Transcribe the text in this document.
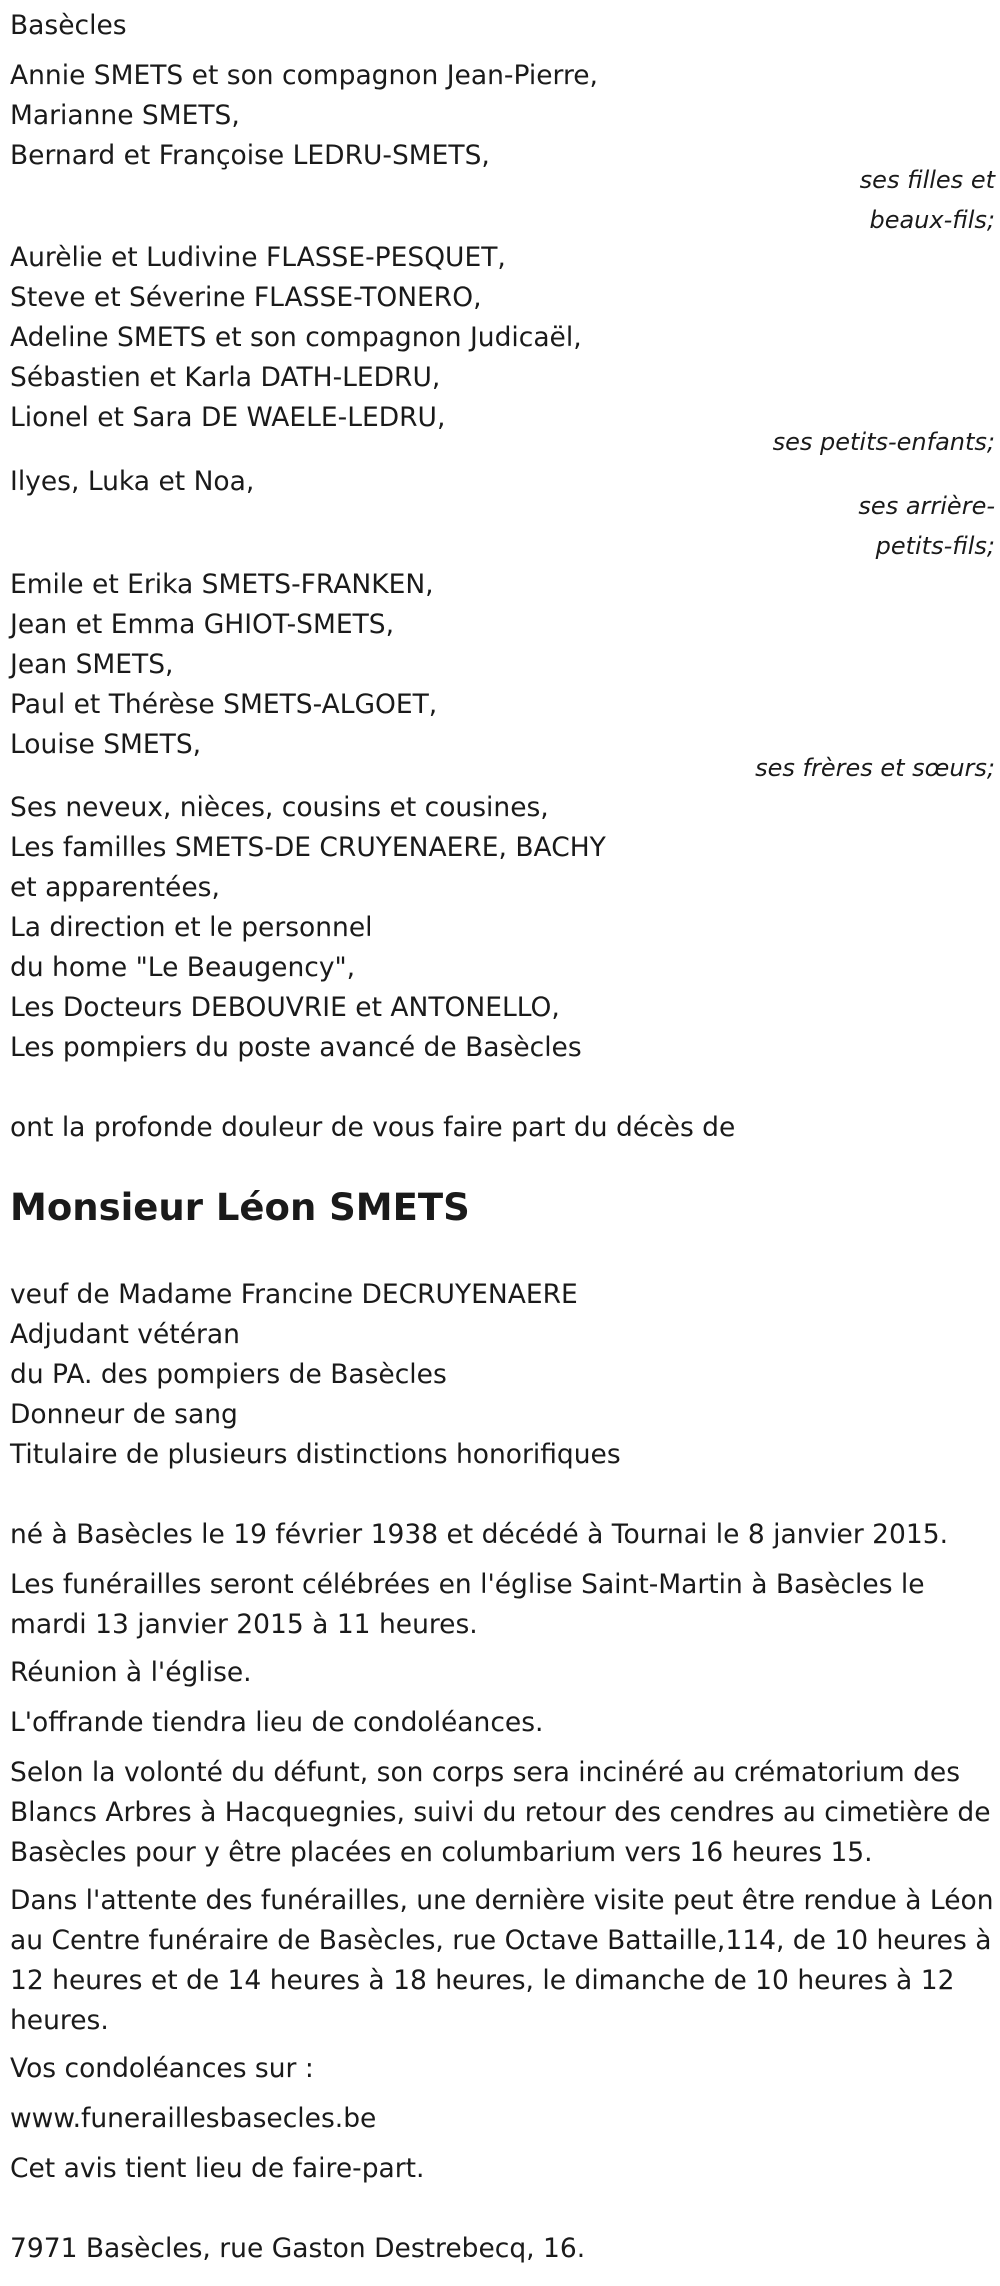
Basècles
Annie SMETS et son compagnon Jean-Pierre,
Marianne SMETS,
Bernard et Françoise LEDRU-SMETS,
ses filles et
beaux-fils;
Aurèlie et Ludivine FLASSE-PESQUET,
Steve et Séverine FLASSE-TONERO,
Adeline SMETS et son compagnon Judicaël,
Sébastien et Karla DATH-LEDRU,
Lionel et Sara DE WAELE-LEDRU,
ses petits-enfants;
Ilyes, Luka et Noa,
ses arrière-
petits-fils;
Emile et Erika SMETS-FRANKEN,
Jean et Emma GHIOT-SMETS,
Jean SMETS,
Paul et Thérèse SMETS-ALGOET,
Louise SMETS,
ses frères et sœurs;
Ses neveux, nièces, cousins et cousines,
Les familles SMETS-DE CRUYENAERE, BACHY
et apparentées,
La direction et le personnel
du home "Le Beaugency",
Les Docteurs DEBOUVRIE et ANTONELLO,
Les pompiers du poste avancé de Basècles
ont la profonde douleur de vous faire part du décès de
Monsieur Léon SMETS
veuf de Madame Francine DECRUYENAERE
Adjudant vétéran
du PA. des pompiers de Basècles
Donneur de sang
Titulaire de plusieurs distinctions honorifiques
né à Basècles le 19 février 1938 et décédé à Tournai le 8 janvier 2015.
Les funérailles seront célébrées en l'église Saint-Martin à Basècles le mardi 13 janvier 2015 à 11 heures.
Réunion à l'église.
L'offrande tiendra lieu de condoléances.
Selon la volonté du défunt, son corps sera incinéré au crématorium des Blancs Arbres à Hacquegnies, suivi du retour des cendres au cimetière de Basècles pour y être placées en columbarium vers 16 heures 15.
Dans l'attente des funérailles, une dernière visite peut être rendue à Léon au Centre funéraire de Basècles, rue Octave Battaille,114, de 10 heures à 12 heures et de 14 heures à 18 heures, le dimanche de 10 heures à 12 heures.
Vos condoléances sur :
www.funeraillesbasecles.be
Cet avis tient lieu de faire-part.
7971 Basècles, rue Gaston Destrebecq, 16.
